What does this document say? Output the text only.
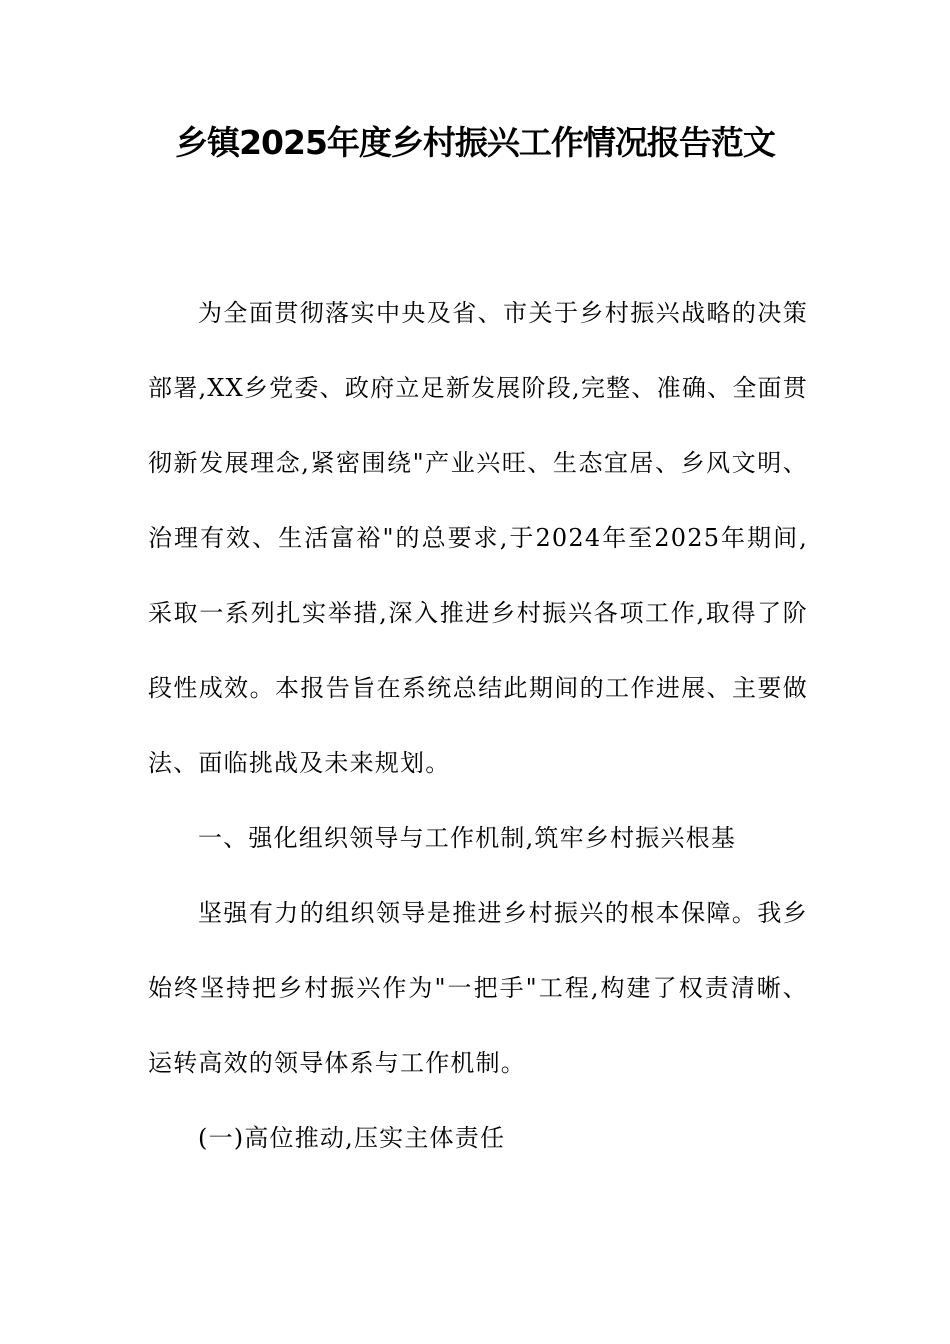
乡镇2025年度乡村振兴工作情况报告范文

为全面贯彻落实中央及省、市关于乡村振兴战略的决策部署,XX乡党委、政府立足新发展阶段,完整、准确、全面贯彻新发展理念,紧密围绕"产业兴旺、生态宜居、乡风文明、治理有效、生活富裕"的总要求,于2024年至2025年期间,采取一系列扎实举措,深入推进乡村振兴各项工作,取得了阶段性成效。本报告旨在系统总结此期间的工作进展、主要做法、面临挑战及未来规划。

一、强化组织领导与工作机制,筑牢乡村振兴根基

坚强有力的组织领导是推进乡村振兴的根本保障。我乡始终坚持把乡村振兴作为"一把手"工程,构建了权责清晰、运转高效的领导体系与工作机制。

(一)高位推动,压实主体责任
